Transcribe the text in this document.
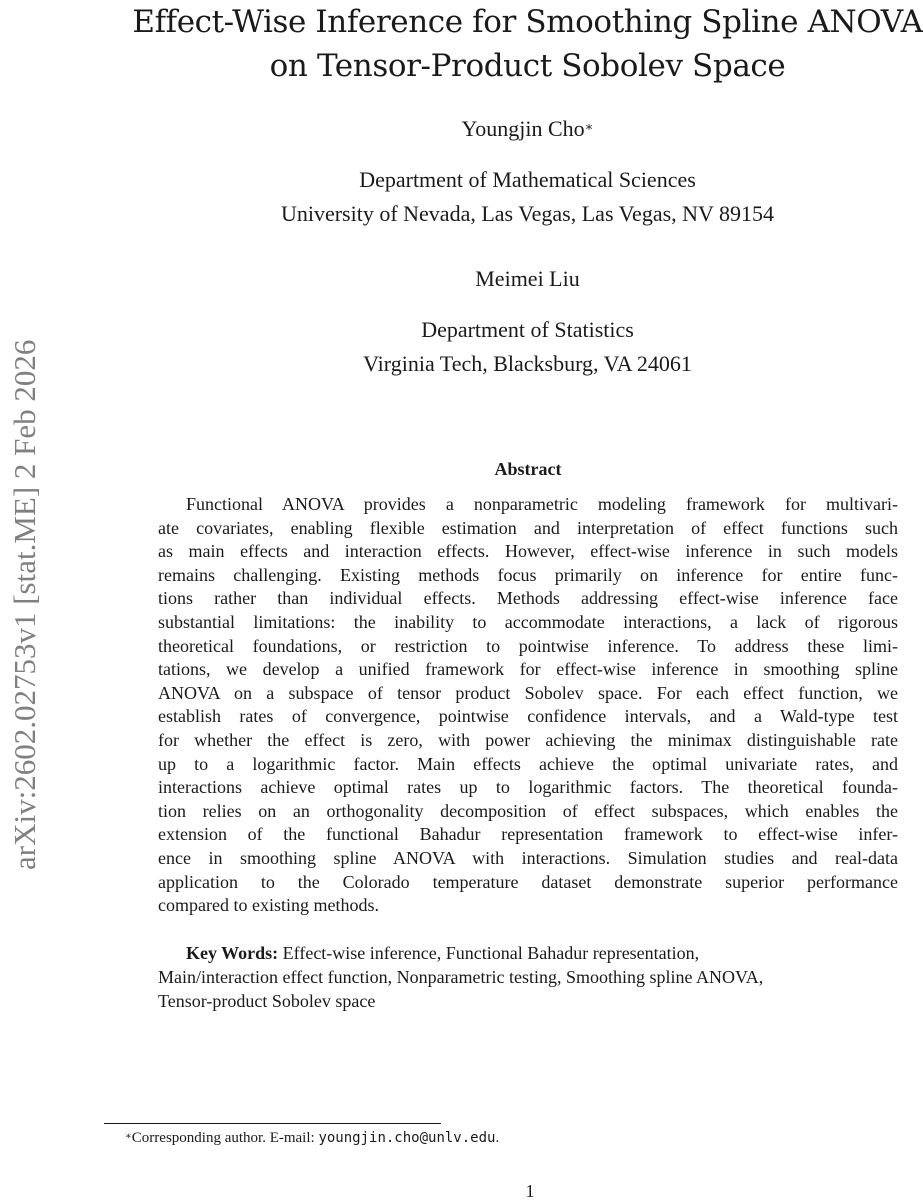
arXiv:2602.02753v1 [stat.ME] 2 Feb 2026
Effect-Wise Inference for Smoothing Spline ANOVA
on Tensor-Product Sobolev Space
Youngjin Cho∗
Department of Mathematical Sciences
University of Nevada, Las Vegas, Las Vegas, NV 89154
Meimei Liu
Department of Statistics
Virginia Tech, Blacksburg, VA 24061
Abstract
Functional ANOVA provides a nonparametric modeling framework for multivari-
ate covariates, enabling flexible estimation and interpretation of effect functions such
as main effects and interaction effects. However, effect-wise inference in such models
remains challenging. Existing methods focus primarily on inference for entire func-
tions rather than individual effects. Methods addressing effect-wise inference face
substantial limitations: the inability to accommodate interactions, a lack of rigorous
theoretical foundations, or restriction to pointwise inference. To address these limi-
tations, we develop a unified framework for effect-wise inference in smoothing spline
ANOVA on a subspace of tensor product Sobolev space. For each effect function, we
establish rates of convergence, pointwise confidence intervals, and a Wald-type test
for whether the effect is zero, with power achieving the minimax distinguishable rate
up to a logarithmic factor. Main effects achieve the optimal univariate rates, and
interactions achieve optimal rates up to logarithmic factors. The theoretical founda-
tion relies on an orthogonality decomposition of effect subspaces, which enables the
extension of the functional Bahadur representation framework to effect-wise infer-
ence in smoothing spline ANOVA with interactions. Simulation studies and real-data
application to the Colorado temperature dataset demonstrate superior performance
compared to existing methods.
Key Words: Effect-wise inference, Functional Bahadur representation,
Main/interaction effect function, Nonparametric testing, Smoothing spline ANOVA,
Tensor-product Sobolev space
∗Corresponding author. E-mail: youngjin.cho@unlv.edu.
1
